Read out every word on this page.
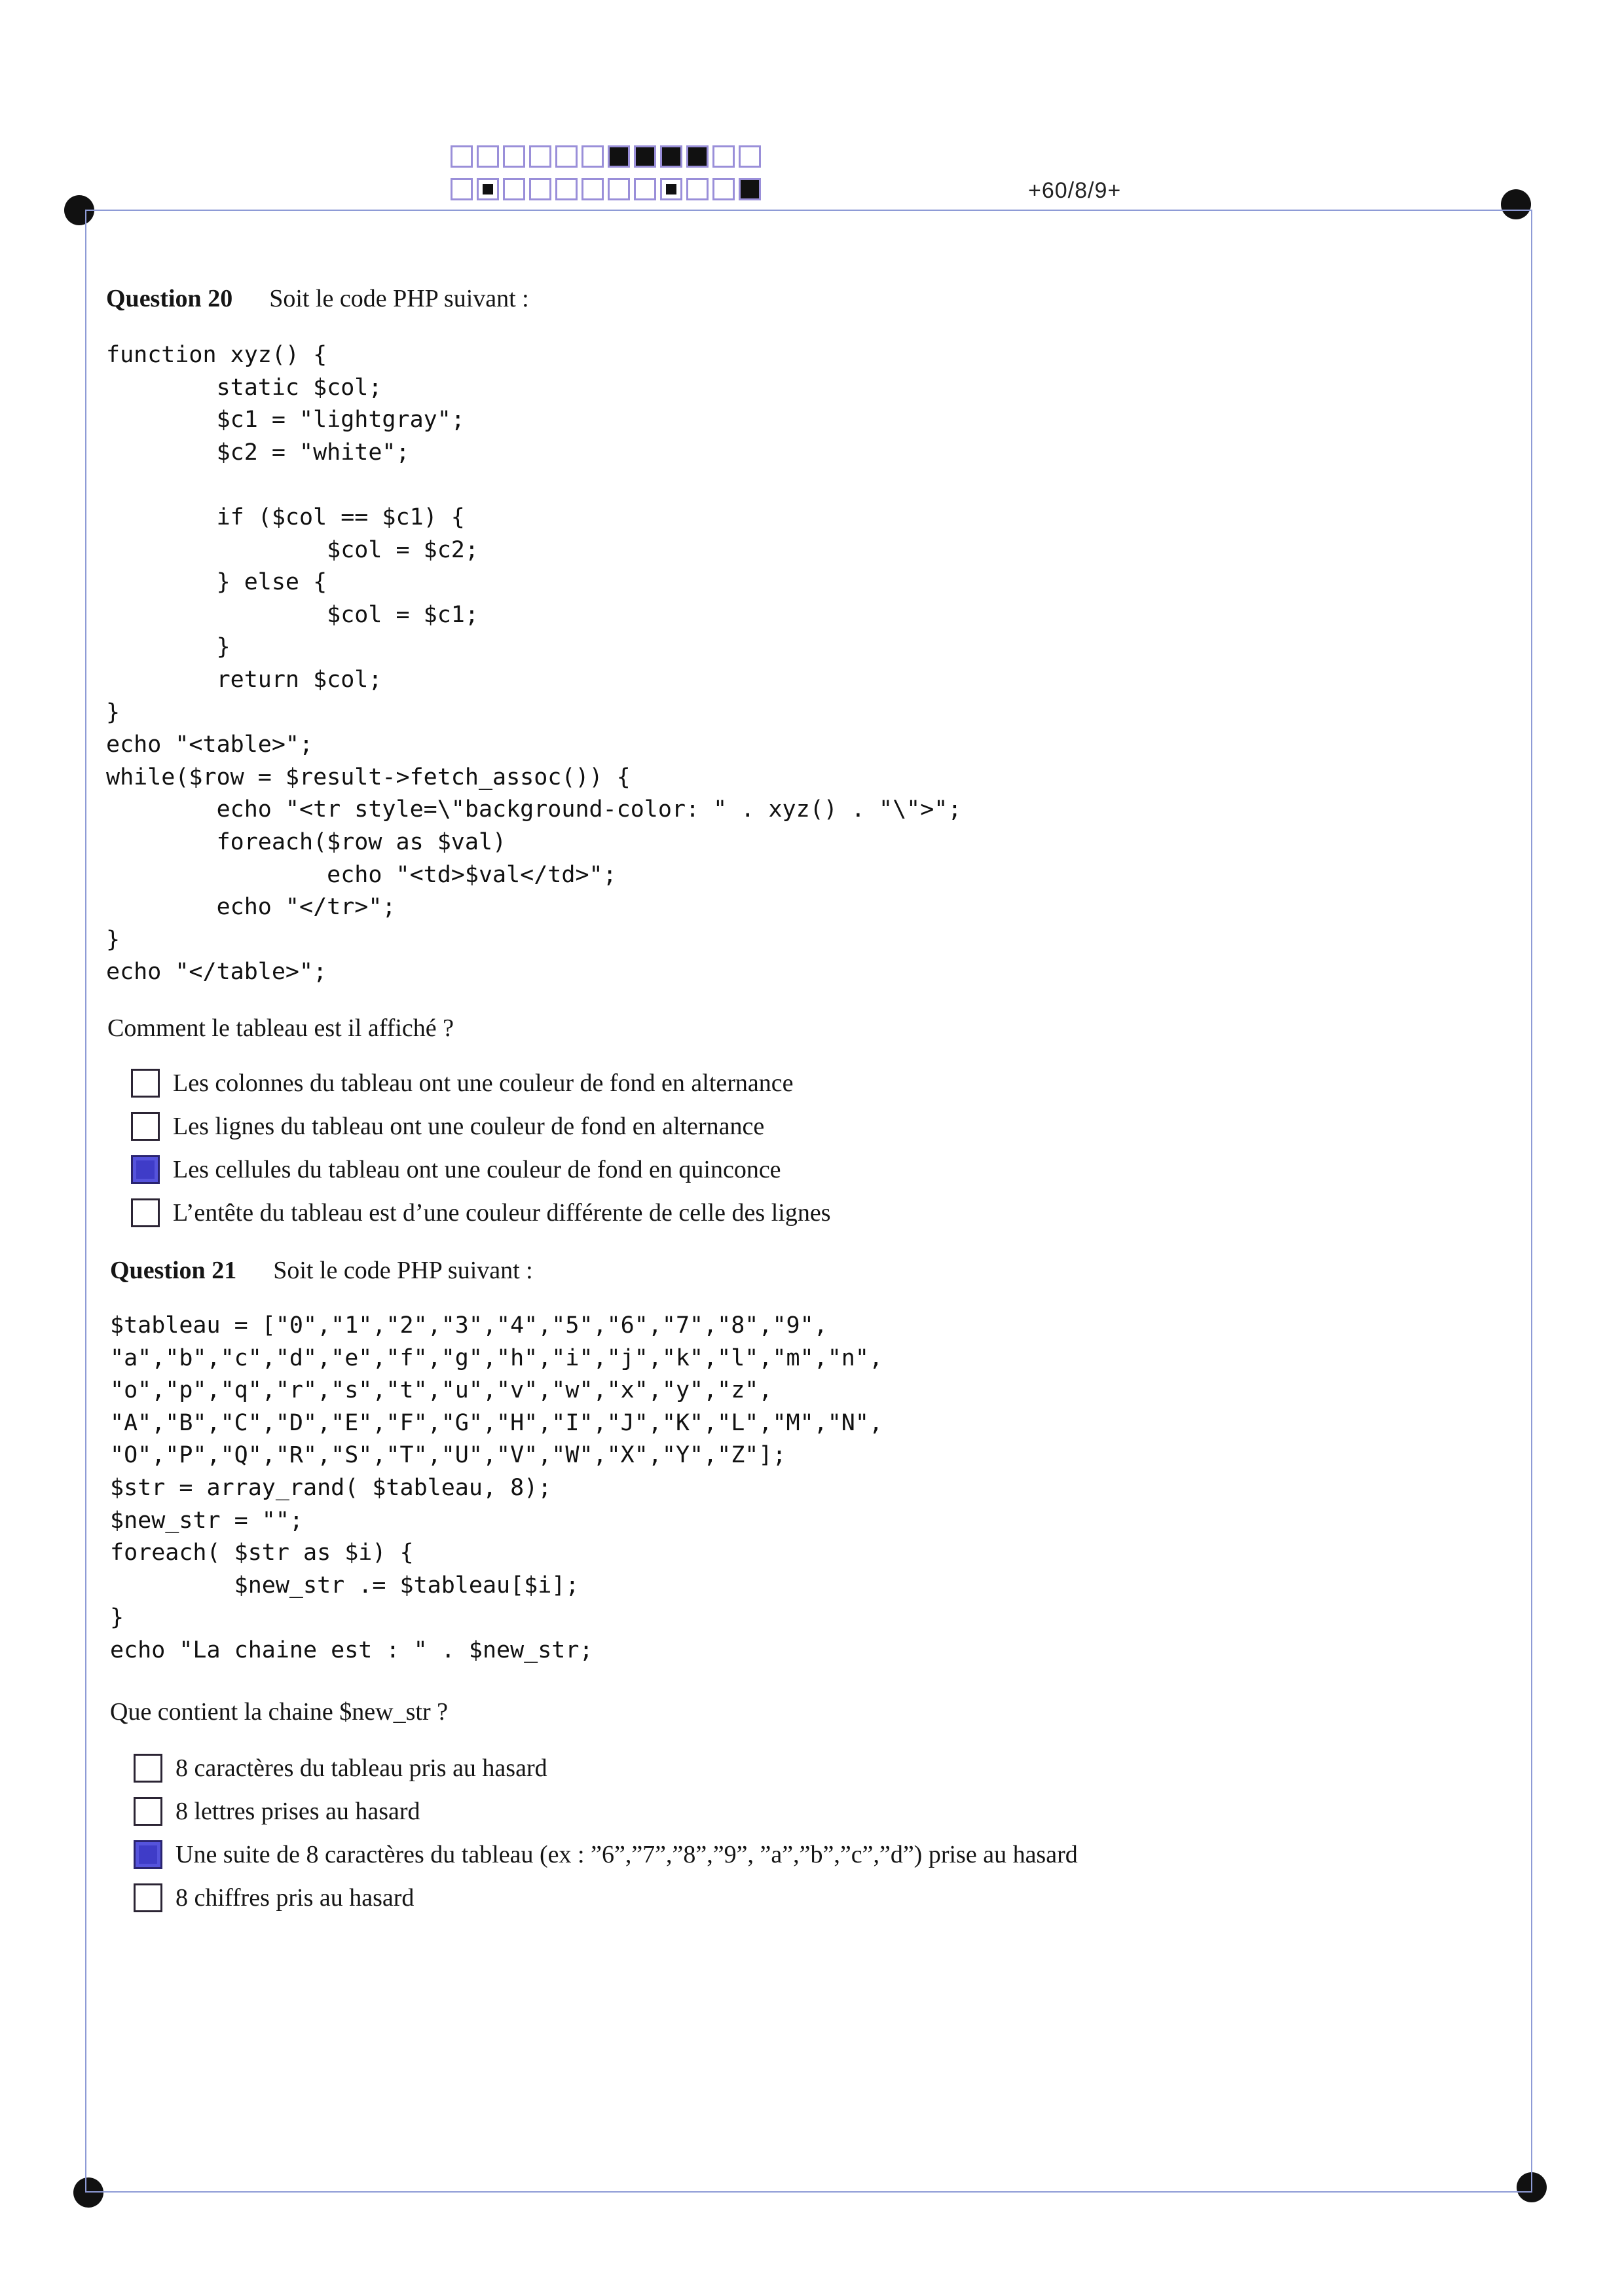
+60/8/9+
Question 20 Soit le code PHP suivant :
function xyz() {
static $col;
$c1 = "lightgray";
$c2 = "white";

if ($col == $c1) {
$col = $c2;
} else {
$col = $c1;
}
return $col;
}
echo "<table>";
while($row = $result->fetch_assoc()) {
echo "<tr style=\"background-color: " . xyz() . "\">";
foreach($row as $val)
echo "<td>$val</td>";
echo "</tr>";
}
echo "</table>";
Comment le tableau est il affiché ?
Les colonnes du tableau ont une couleur de fond en alternance
Les lignes du tableau ont une couleur de fond en alternance
Les cellules du tableau ont une couleur de fond en quinconce
L’entête du tableau est d’une couleur différente de celle des lignes
Question 21 Soit le code PHP suivant :
$tableau = ["0","1","2","3","4","5","6","7","8","9",
"a","b","c","d","e","f","g","h","i","j","k","l","m","n",
"o","p","q","r","s","t","u","v","w","x","y","z",
"A","B","C","D","E","F","G","H","I","J","K","L","M","N",
"O","P","Q","R","S","T","U","V","W","X","Y","Z"];
$str = array_rand( $tableau, 8);
$new_str = "";
foreach( $str as $i) {
$new_str .= $tableau[$i];
}
echo "La chaine est : " . $new_str;
Que contient la chaine $new_str ?
8 caractères du tableau pris au hasard
8 lettres prises au hasard
Une suite de 8 caractères du tableau (ex : ”6”,”7”,”8”,”9”, ”a”,”b”,”c”,”d”) prise au hasard
8 chiffres pris au hasard
